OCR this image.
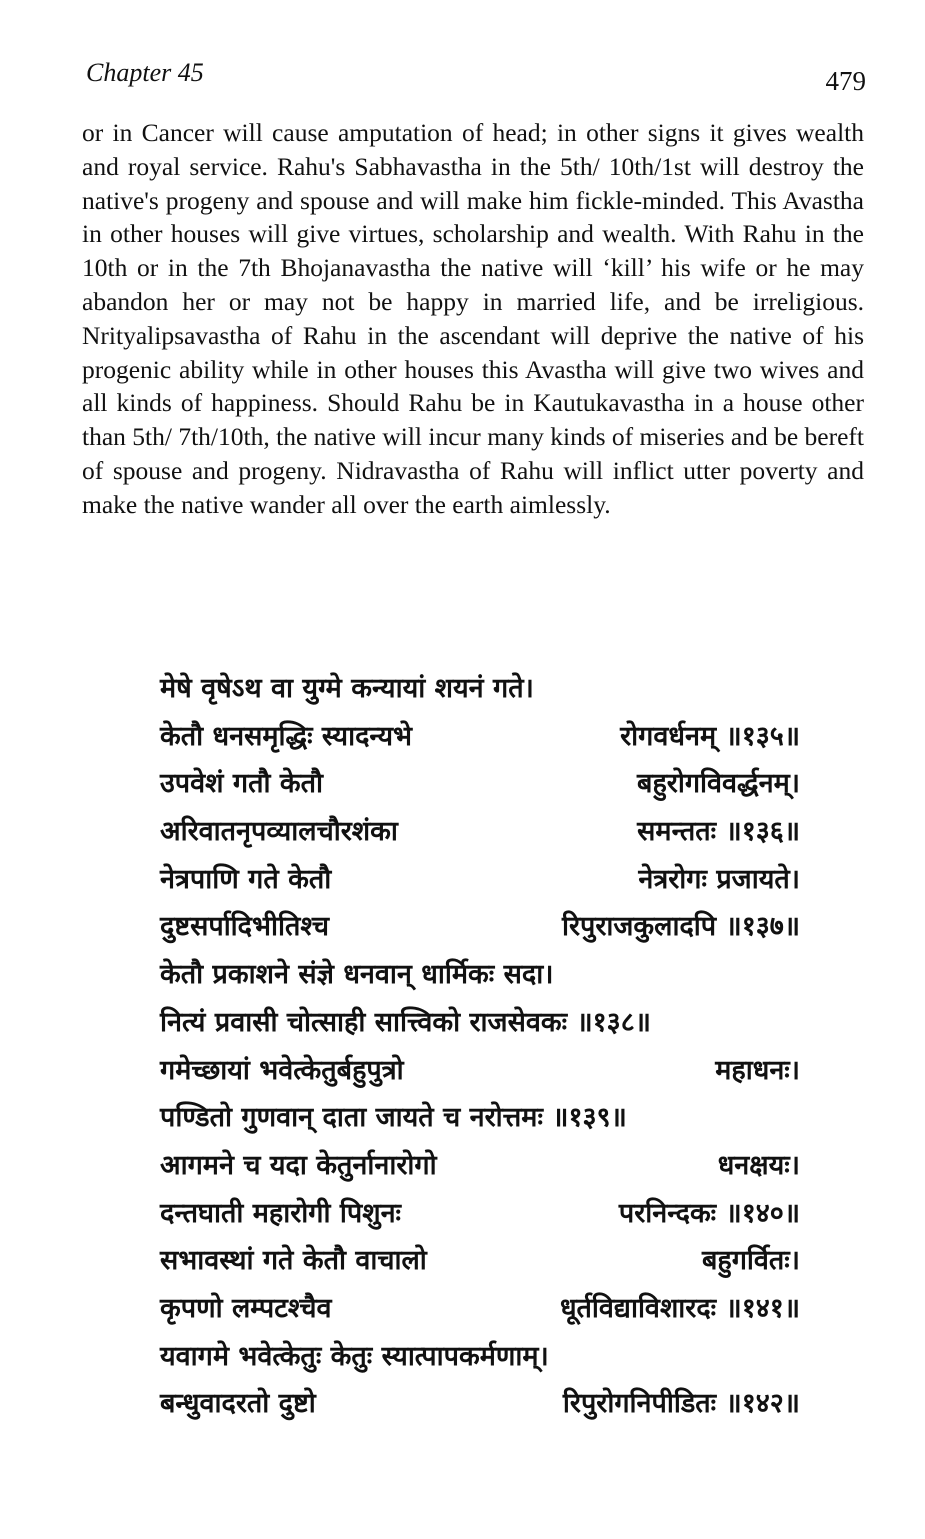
Chapter 45	479

or in Cancer will cause amputation of head; in other signs it gives wealth and royal service. Rahu's Sabhavastha in the 5th/ 10th/1st will destroy the native's progeny and spouse and will make him fickle-minded. This Avastha in other houses will give virtues, scholarship and wealth. With Rahu in the 10th or in the 7th Bhojanavastha the native will ‘kill’ his wife or he may abandon her or may not be happy in married life, and be irreligious. Nrityalipsavastha of Rahu in the ascendant will deprive the native of his progenic ability while in other houses this Avastha will give two wives and all kinds of happiness. Should Rahu be in Kautukavastha in a house other than 5th/ 7th/10th, the native will incur many kinds of miseries and be bereft of spouse and progeny. Nidravastha of Rahu will inflict utter poverty and make the native wander all over the earth aimlessly.

मेषे वृषेऽथ वा युग्मे कन्यायां शयनं गते।
केतौ धनसमृद्धिः स्यादन्यभे	रोगवर्धनम् ॥१३५॥
उपवेशं गतौ केतौ	बहुरोगविवर्द्धनम्।
अरिवातनृपव्यालचौरशंका	समन्ततः ॥१३६॥
नेत्रपाणि गते केतौ	नेत्ररोगः प्रजायते।
दुष्टसर्पादिभीतिश्च	रिपुराजकुलादपि ॥१३७॥
केतौ प्रकाशने संज्ञे धनवान् धार्मिकः सदा।
नित्यं प्रवासी चोत्साही सात्त्विको राजसेवकः ॥१३८॥
गमेच्छायां भवेत्केतुर्बहुपुत्रो	महाधनः।
पण्डितो गुणवान् दाता जायते च नरोत्तमः ॥१३९॥
आगमने च यदा केतुर्नानारोगो	धनक्षयः।
दन्तघाती महारोगी पिशुनः	परनिन्दकः ॥१४०॥
सभावस्थां गते केतौ वाचालो	बहुगर्वितः।
कृपणो लम्पटश्चैव	धूर्तविद्याविशारदः ॥१४१॥
यवागमे भवेत्केतुः केतुः स्यात्पापकर्मणाम्।
बन्धुवादरतो दुष्टो	रिपुरोगनिपीडितः ॥१४२॥
